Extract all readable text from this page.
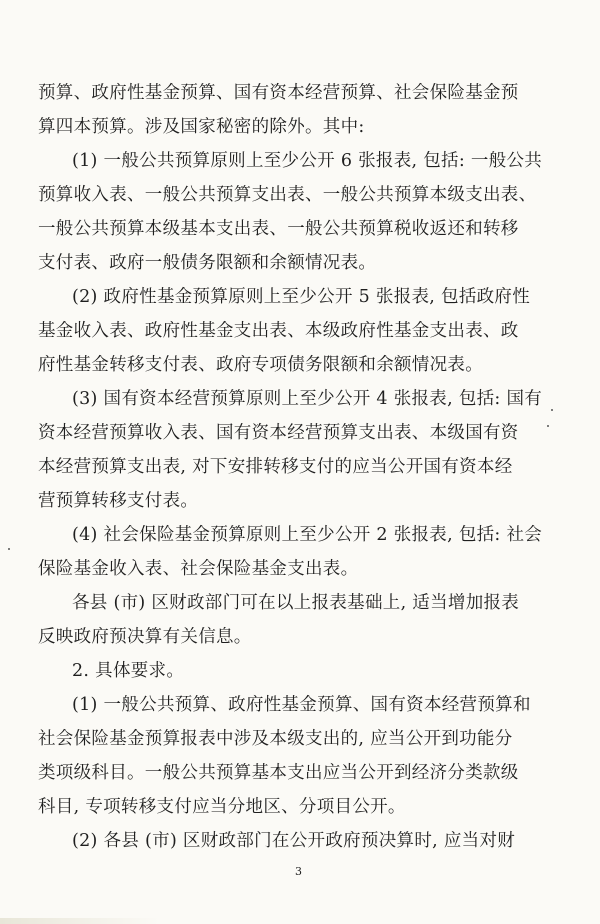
预算、政府性基金预算、国有资本经营预算、社会保险基金预
算四本预算。涉及国家秘密的除外。其中:
(1) 一般公共预算原则上至少公开 6 张报表, 包括: 一般公共
预算收入表、一般公共预算支出表、一般公共预算本级支出表、
一般公共预算本级基本支出表、一般公共预算税收返还和转移
支付表、政府一般债务限额和余额情况表。
(2) 政府性基金预算原则上至少公开 5 张报表, 包括政府性
基金收入表、政府性基金支出表、本级政府性基金支出表、政
府性基金转移支付表、政府专项债务限额和余额情况表。
(3) 国有资本经营预算原则上至少公开 4 张报表, 包括: 国有
资本经营预算收入表、国有资本经营预算支出表、本级国有资
本经营预算支出表, 对下安排转移支付的应当公开国有资本经
营预算转移支付表。
(4) 社会保险基金预算原则上至少公开 2 张报表, 包括: 社会
保险基金收入表、社会保险基金支出表。
各县 (市) 区财政部门可在以上报表基础上, 适当增加报表
反映政府预决算有关信息。
2. 具体要求。
(1) 一般公共预算、政府性基金预算、国有资本经营预算和
社会保险基金预算报表中涉及本级支出的, 应当公开到功能分
类项级科目。一般公共预算基本支出应当公开到经济分类款级
科目, 专项转移支付应当分地区、分项目公开。
(2) 各县 (市) 区财政部门在公开政府预决算时, 应当对财
3
